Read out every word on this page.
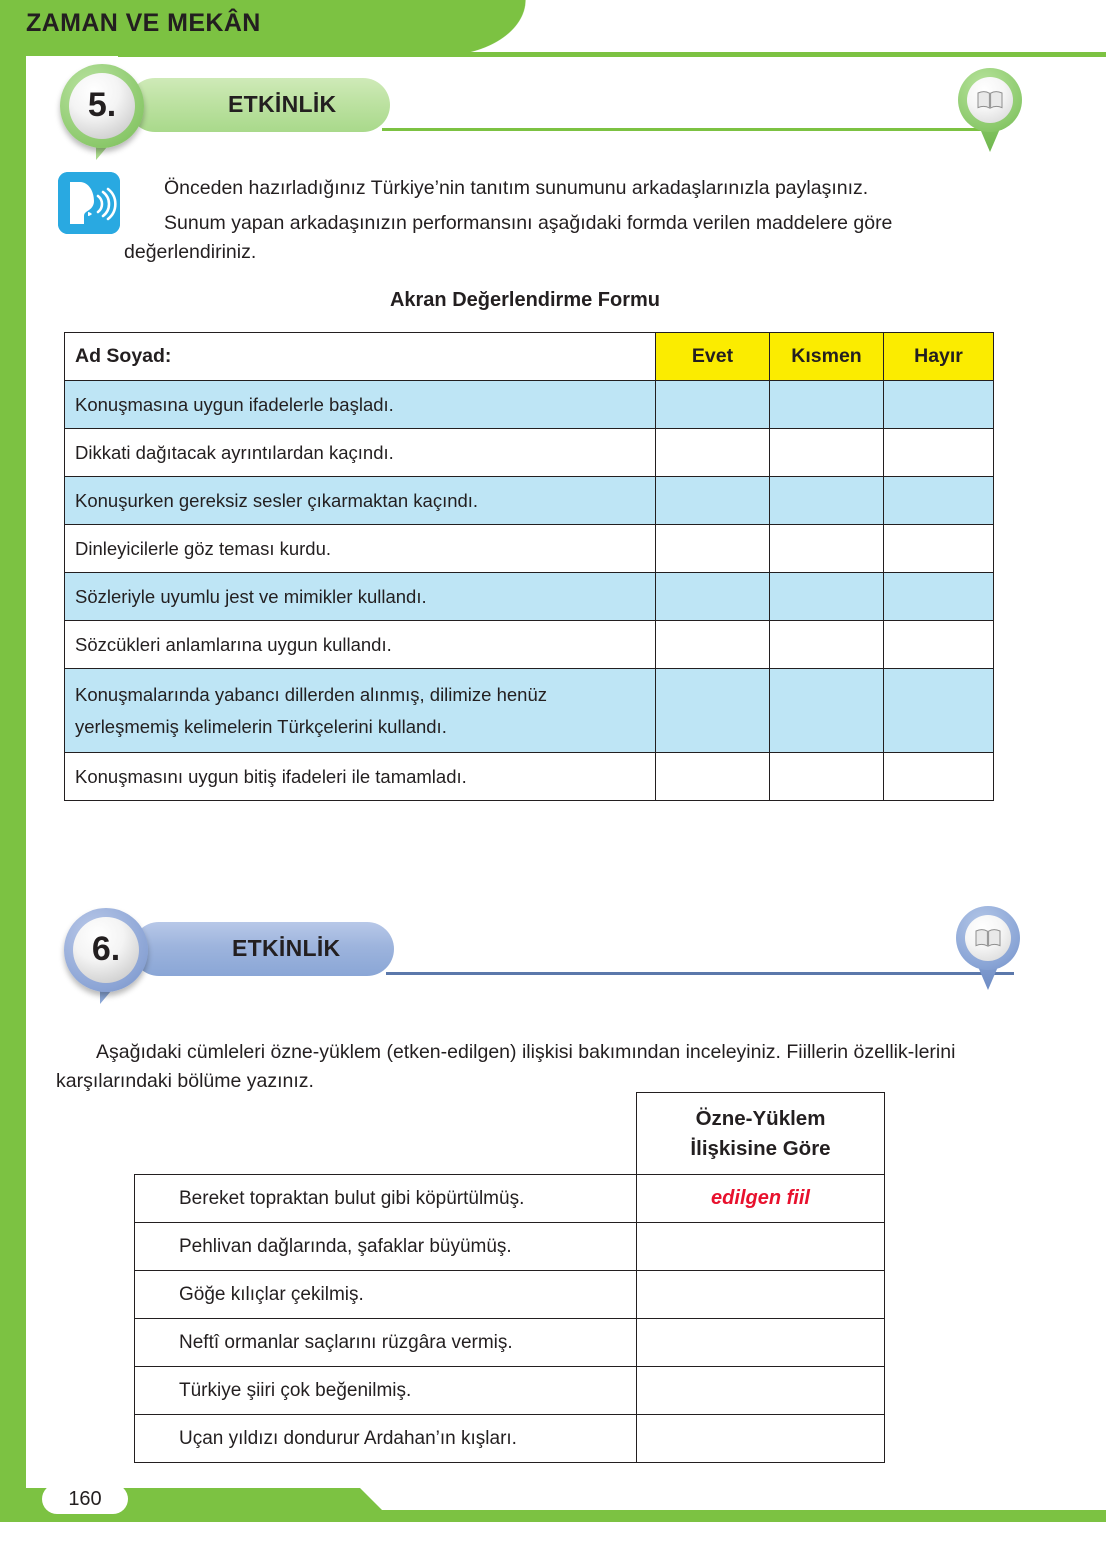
ZAMAN VE MEKÂN
ETKİNLİK
5.
Önceden hazırladığınız Türkiye’nin tanıtım sunumunu arkadaşlarınızla paylaşınız.
Sunum yapan arkadaşınızın performansını aşağıdaki formda verilen maddelere göre değerlendiriniz.
Akran Değerlendirme Formu
Ad Soyad:	Evet	Kısmen	Hayır
Konuşmasına uygun ifadelerle başladı.			
Dikkati dağıtacak ayrıntılardan kaçındı.			
Konuşurken gereksiz sesler çıkarmaktan kaçındı.			
Dinleyicilerle göz teması kurdu.			
Sözleriyle uyumlu jest ve mimikler kullandı.			
Sözcükleri anlamlarına uygun kullandı.			
Konuşmalarında yabancı dillerden alınmış, dilimize henüz yerleşmemiş kelimelerin Türkçelerini kullandı.			
Konuşmasını uygun bitiş ifadeleri ile tamamladı.			
ETKİNLİK
6.
Aşağıdaki cümleleri özne-yüklem (etken-edilgen) ilişkisi bakımından inceleyiniz. Fiillerin özellik-lerini karşılarındaki bölüme yazınız.
	Özne-Yüklem
İlişkisine Göre
Bereket topraktan bulut gibi köpürtülmüş.	edilgen fiil
Pehlivan dağlarında, şafaklar büyümüş.	
Göğe kılıçlar çekilmiş.	
Neftî ormanlar saçlarını rüzgâra vermiş.	
Türkiye şiiri çok beğenilmiş.	
Uçan yıldızı dondurur Ardahan’ın kışları.	
160
